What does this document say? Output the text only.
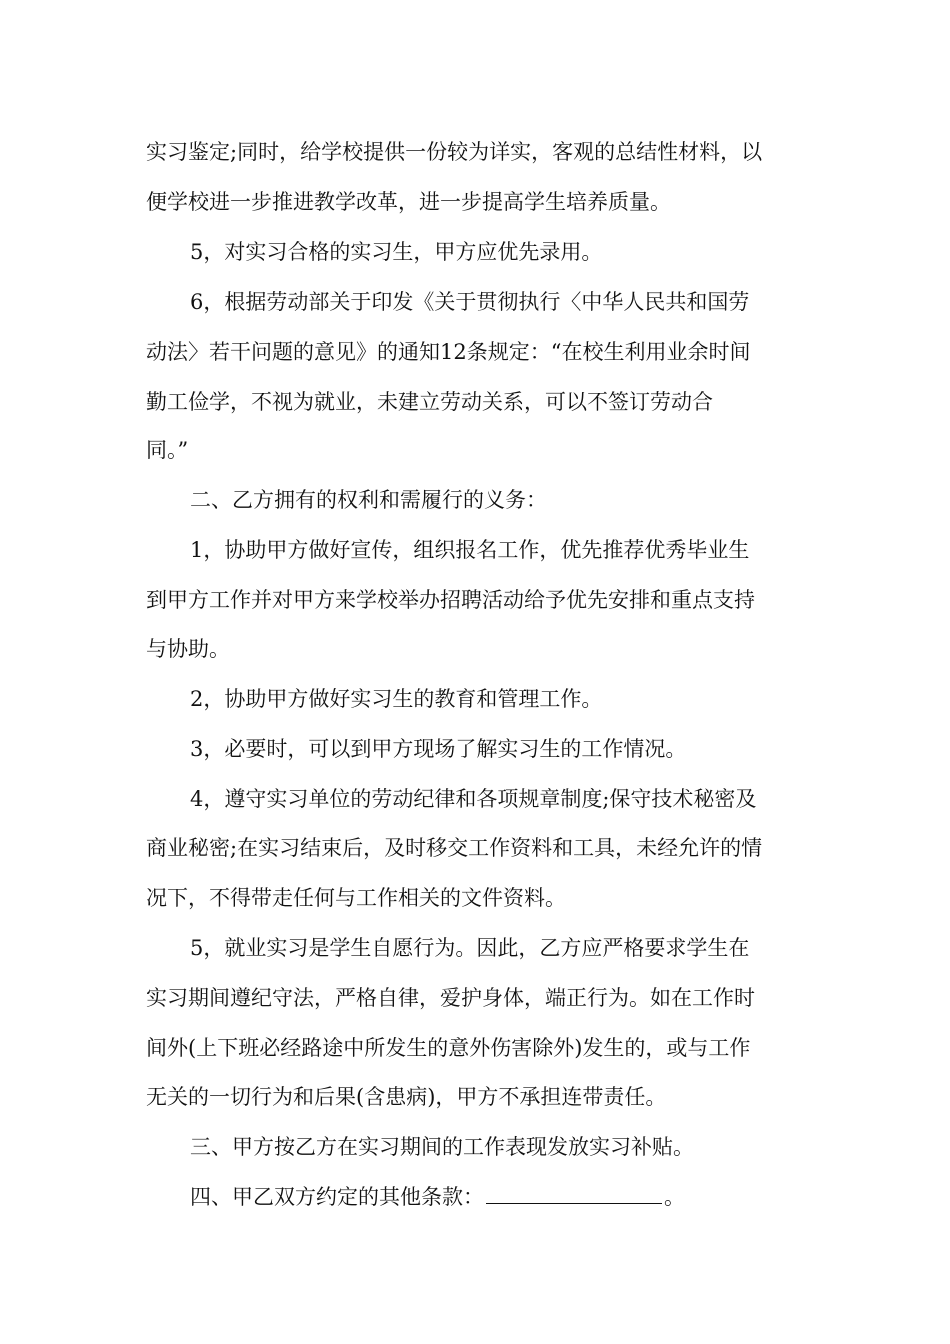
实习鉴定;同时，给学校提供一份较为详实，客观的总结性材料，以
便学校进一步推进教学改革，进一步提高学生培养质量。
5，对实习合格的实习生，甲方应优先录用。
6，根据劳动部关于印发《关于贯彻执行〈中华人民共和国劳
动法〉若干问题的意见》的通知12条规定：“在校生利用业余时间
勤工俭学，不视为就业，未建立劳动关系，可以不签订劳动合
同。”
二、乙方拥有的权利和需履行的义务：
1，协助甲方做好宣传，组织报名工作，优先推荐优秀毕业生
到甲方工作并对甲方来学校举办招聘活动给予优先安排和重点支持
与协助。
2，协助甲方做好实习生的教育和管理工作。
3，必要时，可以到甲方现场了解实习生的工作情况。
4，遵守实习单位的劳动纪律和各项规章制度;保守技术秘密及
商业秘密;在实习结束后，及时移交工作资料和工具，未经允许的情
况下，不得带走任何与工作相关的文件资料。
5，就业实习是学生自愿行为。因此，乙方应严格要求学生在
实习期间遵纪守法，严格自律，爱护身体，端正行为。如在工作时
间外(上下班必经路途中所发生的意外伤害除外)发生的，或与工作
无关的一切行为和后果(含患病)，甲方不承担连带责任。
三、甲方按乙方在实习期间的工作表现发放实习补贴。
四、甲乙双方约定的其他条款：	。
